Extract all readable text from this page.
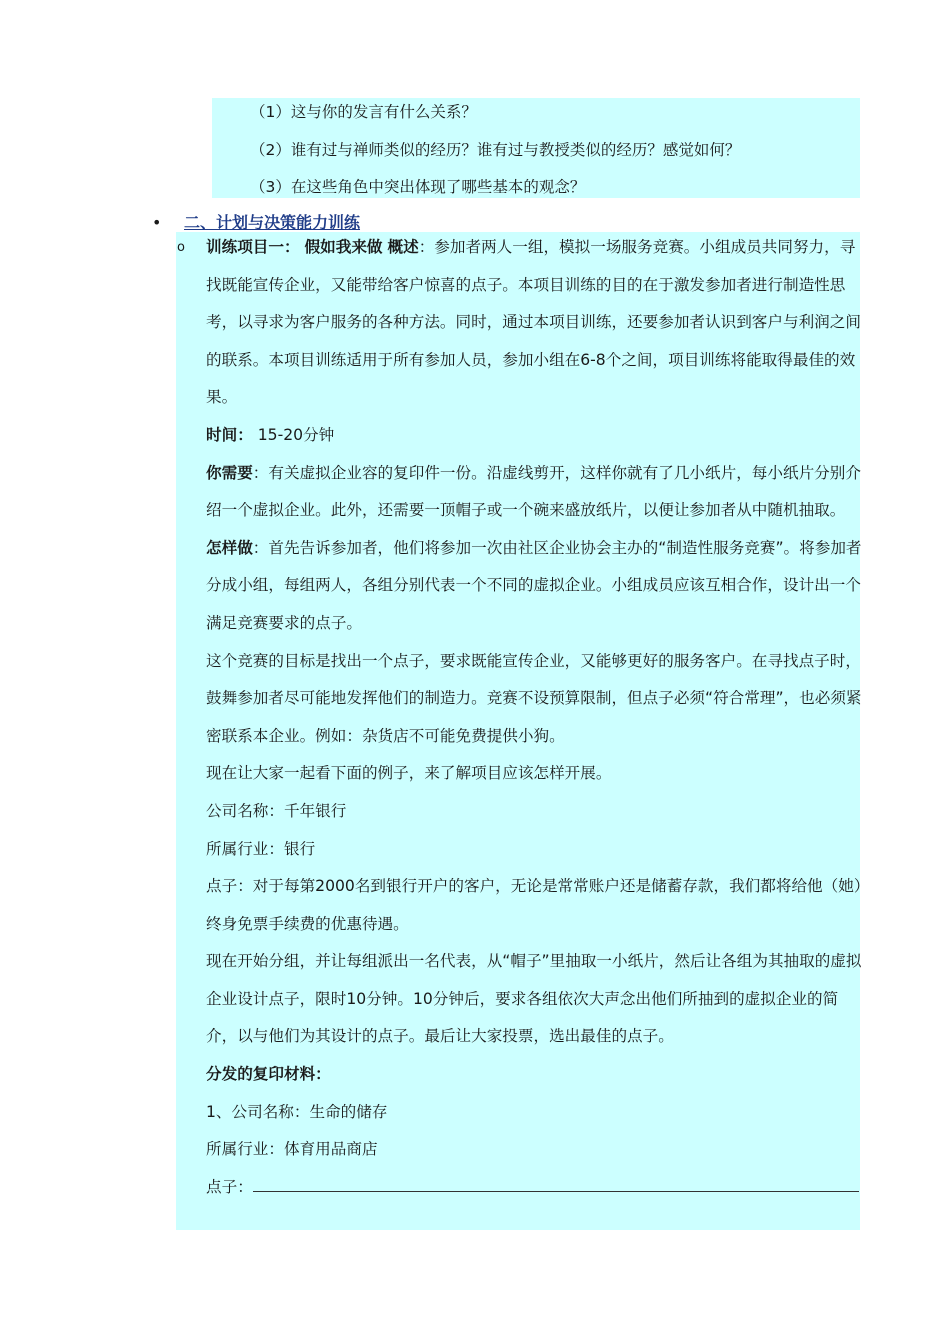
（1）这与你的发言有什么关系？
（2）谁有过与禅师类似的经历？谁有过与教授类似的经历？感觉如何？
（3）在这些角色中突出体现了哪些基本的观念？
• 二、计划与决策能力训练
o 训练项目一： 假如我来做 概述：参加者两人一组，模拟一场服务竞赛。小组成员共同努力，寻找既能宣传企业，又能带给客户惊喜的点子。本项目训练的目的在于激发参加者进行制造性思考，以寻求为客户服务的各种方法。同时，通过本项目训练，还要参加者认识到客户与利润之间的联系。本项目训练适用于所有参加人员，参加小组在6-8个之间，项目训练将能取得最佳的效果。

时间： 15-20分钟

你需要：有关虚拟企业容的复印件一份。沿虚线剪开，这样你就有了几小纸片，每小纸片分别介绍一个虚拟企业。此外，还需要一顶帽子或一个碗来盛放纸片，以便让参加者从中随机抽取。

怎样做：首先告诉参加者，他们将参加一次由社区企业协会主办的“制造性服务竞赛”。将参加者分成小组，每组两人，各组分别代表一个不同的虚拟企业。小组成员应该互相合作，设计出一个满足竞赛要求的点子。

这个竞赛的目标是找出一个点子，要求既能宣传企业，又能够更好的服务客户。在寻找点子时，鼓舞参加者尽可能地发挥他们的制造力。竞赛不设预算限制，但点子必须“符合常理”，也必须紧密联系本企业。例如：杂货店不可能免费提供小狗。

现在让大家一起看下面的例子，来了解项目应该怎样开展。

公司名称：千年银行

所属行业：银行

点子：对于每第2000名到银行开户的客户，无论是常常账户还是储蓄存款，我们都将给他（她）终身免票手续费的优惠待遇。

现在开始分组，并让每组派出一名代表，从“帽子”里抽取一小纸片，然后让各组为其抽取的虚拟企业设计点子，限时10分钟。10分钟后，要求各组依次大声念出他们所抽到的虚拟企业的简介，以与他们为其设计的点子。最后让大家投票，选出最佳的点子。

分发的复印材料：

1、公司名称：生命的储存

所属行业：体育用品商店

点子：
